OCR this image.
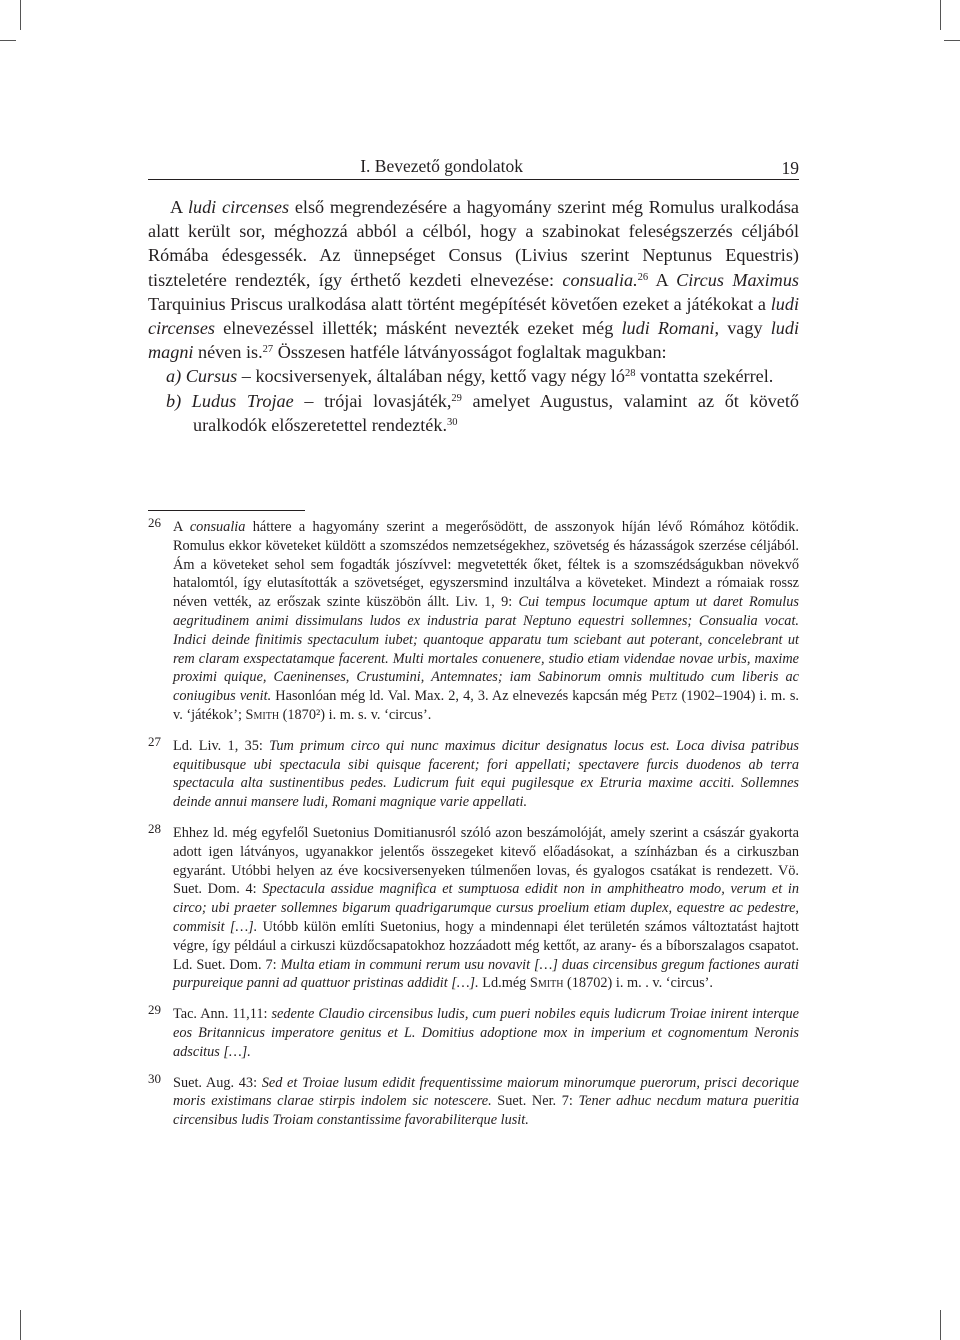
I. Bevezető gondolatok	19

A ludi circenses első megrendezésére a hagyomány szerint még Romulus uralkodása alatt került sor, méghozzá abból a célból, hogy a szabinokat feleségszerzés céljából Rómába édesgessék. Az ünnepséget Consus (Livius szerint Neptunus Equestris) tiszteletére rendezték, így érthető kezdeti elnevezése: consualia.$^{26}$ A Circus Maximus Tarquinius Priscus uralkodása alatt történt megépítését követően ezeket a játékokat a ludi circenses elnevezéssel illették; másként nevezték ezeket még ludi Romani, vagy ludi magni néven is.$^{27}$ Összesen hatféle látványosságot foglaltak magukban:

a) Cursus – kocsiversenyek, általában négy, kettő vagy négy $ló^{28}$ vontatta szekérrel.

b) Ludus Trojae – trójai lovasjáték,$^{29}$ amelyet Augustus, valamint az őt követő uralkodók előszeretettel rendezték.$^{30}$

26 A consualia háttere a hagyomány szerint a megerősödött, de asszonyok híján lévő Rómához kötődik. Romulus ekkor követeket küldött a szomszédos nemzetségekhez, szövetség és házasságok szerzése céljából. Ám a követeket sehol sem fogadták jószívvel: megvetették őket, féltek is a szomszédságukban növekvő hatalomtól, így elutasították a szövetséget, egyszersmind inzultálva a követeket. Mindezt a rómaiak rossz néven vették, az erőszak szinte küszöbön állt. Liv. 1, 9: Cui tempus locumque aptum ut daret Romulus aegritudinem animi dissimulans ludos ex industria parat Neptuno equestri sollemnes; Consualia vocat. Indici deinde finitimis spectaculum iubet; quantoque apparatu tum sciebant aut poterant, concelebrant ut rem claram exspectatamque facerent. Multi mortales conuenere, studio etiam videndae novae urbis, maxime proximi quique, Caeninenses, Crustumini, Antemnates; iam Sabinorum omnis multitudo cum liberis ac coniugibus venit. Hasonlóan még ld. Val. Max. 2, 4, 3. Az elnevezés kapcsán még Petz (1902–1904) i. m. s. v. ‘játékok’; Smith (1870²) i. m. s. v. ‘circus’.
27 Ld. Liv. 1, 35: Tum primum circo qui nunc maximus dicitur designatus locus est. Loca divisa patribus equitibusque ubi spectacula sibi quisque facerent; fori appellati; spectavere furcis duodenos ab terra spectacula alta sustinentibus pedes. Ludicrum fuit equi pugilesque ex Etruria maxime acciti. Sollemnes deinde annui mansere ludi, Romani magnique varie appellati.
28 Ehhez ld. még egyfelől Suetonius Domitianusról szóló azon beszámolóját, amely szerint a császár gyakorta adott igen látványos, ugyanakkor jelentős összegeket kitevő előadásokat, a színházban és a cirkuszban egyaránt. Utóbbi helyen az éve kocsiversenyeken túlmenően lovas, és gyalogos csatákat is rendezett. Vö. Suet. Dom. 4: Spectacula assidue magnifica et sumptuosa edidit non in amphitheatro modo, verum et in circo; ubi praeter sollemnes bigarum quadrigarumque cursus proelium etiam duplex, equestre ac pedestre, commisit […]. Utóbb külön említi Suetonius, hogy a mindennapi élet területén számos változtatást hajtott végre, így például a cirkuszi küzdőcsapatokhoz hozzáadott még kettőt, az arany- és a bíborszalagos csapatot. Ld. Suet. Dom. 7: Multa etiam in communi rerum usu novavit […] duas circensibus gregum factiones aurati purpureique panni ad quattuor pristinas addidit […]. Ld.még Smith (18702) i. m. . v. ‘circus’.
29 Tac. Ann. 11,11: sedente Claudio circensibus ludis, cum pueri nobiles equis ludicrum Troiae inirent interque eos Britannicus imperatore genitus et L. Domitius adoptione mox in imperium et cognomentum Neronis adscitus […].
30 Suet. Aug. 43: Sed et Troiae lusum edidit frequentissime maiorum minorumque puerorum, prisci decorique moris existimans clarae stirpis indolem sic notescere. Suet. Ner. 7: Tener adhuc necdum matura pueritia circensibus ludis Troiam constantissime favorabiliterque lusit.
